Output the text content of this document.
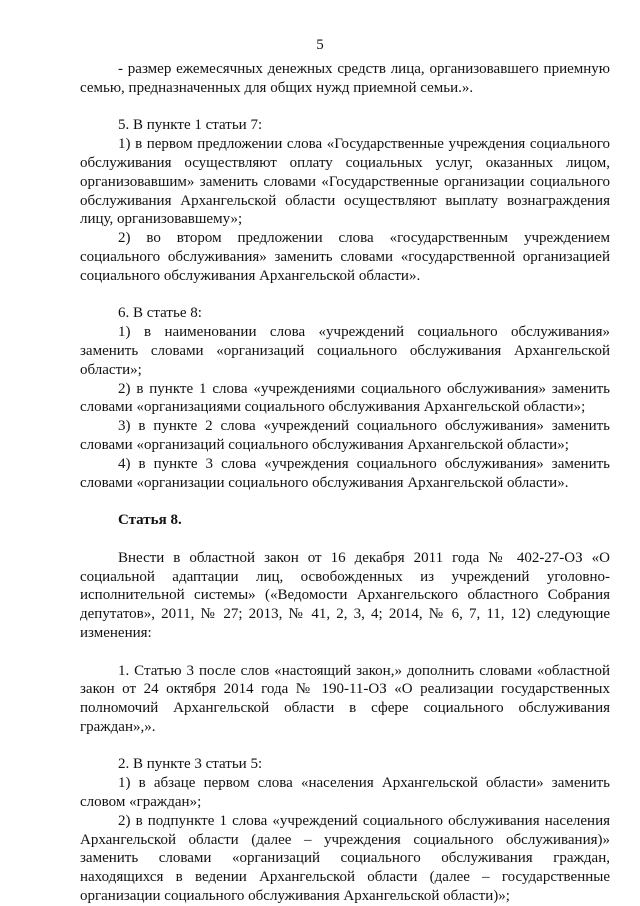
5

- размер ежемесячных денежных средств лица, организовавшего приемную семью, предназначенных для общих нужд приемной семьи.».

5. В пункте 1 статьи 7:

1) в первом предложении слова «Государственные учреждения социального обслуживания осуществляют оплату социальных услуг, оказанных лицом, организовавшим» заменить словами «Государственные организации социального обслуживания Архангельской области осуществляют выплату вознаграждения лицу, организовавшему»;

2) во втором предложении слова «государственным учреждением социального обслуживания» заменить словами «государственной организацией социального обслуживания Архангельской области».

6. В статье 8:

1) в наименовании слова «учреждений социального обслуживания» заменить словами «организаций социального обслуживания Архангельской области»;

2) в пункте 1 слова «учреждениями социального обслуживания» заменить словами «организациями социального обслуживания Архангельской области»;

3) в пункте 2 слова «учреждений социального обслуживания» заменить словами «организаций социального обслуживания Архангельской области»;

4) в пункте 3 слова «учреждения социального обслуживания» заменить словами «организации социального обслуживания Архангельской области».

Статья 8.

Внести в областной закон от 16 декабря 2011 года № 402-27-ОЗ «О социальной адаптации лиц, освобожденных из учреждений уголовно-исполнительной системы» («Ведомости Архангельского областного Собрания депутатов», 2011, № 27; 2013, № 41, 2, 3, 4; 2014, № 6, 7, 11, 12) следующие изменения:

1. Статью 3 после слов «настоящий закон,» дополнить словами «областной закон от 24 октября 2014 года № 190-11-ОЗ «О реализации государственных полномочий Архангельской области в сфере социального обслуживания граждан»,».

2. В пункте 3 статьи 5:

1) в абзаце первом слова «населения Архангельской области» заменить словом «граждан»;

2) в подпункте 1 слова «учреждений социального обслуживания населения Архангельской области (далее – учреждения социального обслуживания)» заменить словами «организаций социального обслуживания граждан, находящихся в ведении Архангельской области (далее – государственные организации социального обслуживания Архангельской области)»;
